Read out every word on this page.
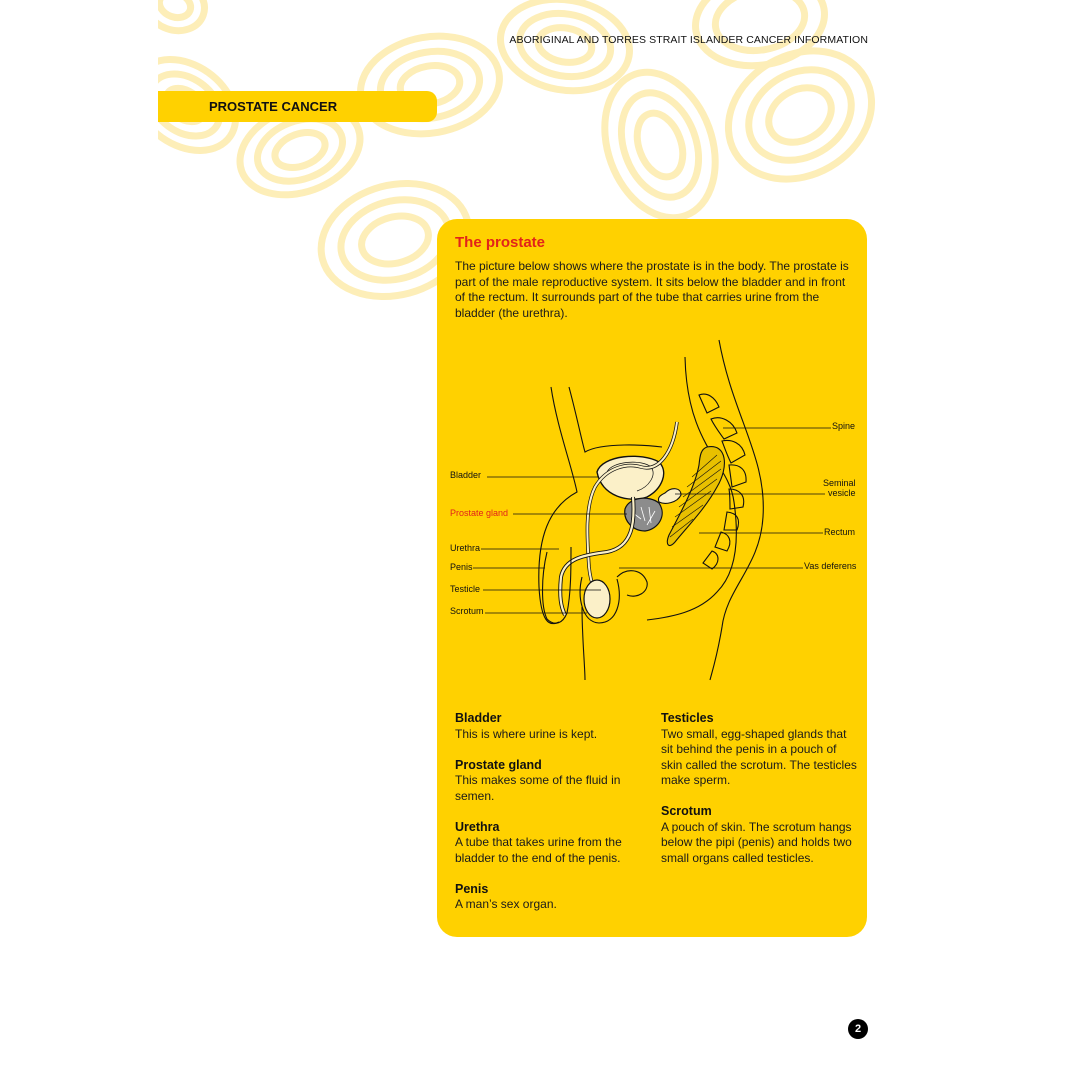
ABORIGINAL AND TORRES STRAIT ISLANDER CANCER INFORMATION
PROSTATE CANCER
The prostate
The picture below shows where the prostate is in the body. The prostate is part of the male reproductive system. It sits below the bladder and in front of the rectum. It surrounds part of the tube that carries urine from the bladder (the urethra).
Bladder
Prostate gland
Urethra
Penis
Testicle
Scrotum
Spine
Seminal
vesicle
Rectum
Vas deferens
Bladder

This is where urine is kept.

Prostate gland

This makes some of the fluid in semen.

Urethra

A tube that takes urine from the bladder to the end of the penis.

Penis

A man’s sex organ.

Testicles

Two small, egg-shaped glands that sit behind the penis in a pouch of skin called the scrotum. The testicles make sperm.

Scrotum

A pouch of skin. The scrotum hangs below the pipi (penis) and holds two small organs called testicles.

2
